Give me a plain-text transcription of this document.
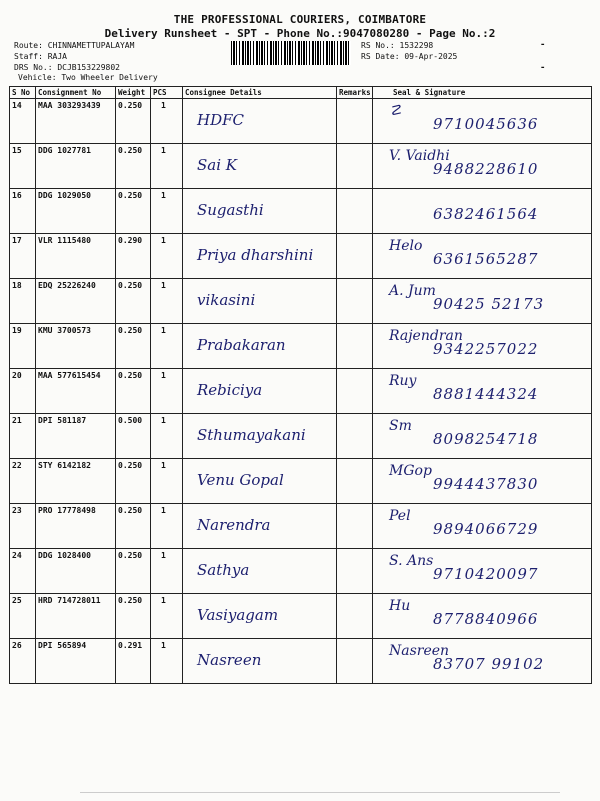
THE PROFESSIONAL COURIERS, COIMBATORE
Delivery Runsheet - SPT - Phone No.:9047080280 - Page No.:2
Route: CHINNAMETTUPALAYAM
Staff: RAJA
DRS No.: DCJB153229802
Vehicle: Two Wheeler Delivery
RS No.: 1532298
RS Date: 09-Apr-2025
-
-
S No	Consignment No	Weight	PCS	Consignee Details	Remarks	Seal & Signature
14	MAA 303293439	0.250	1	HDFC		☡
9710045636

15	DDG 1027781	0.250	1	Sai K		V. Vaidhi
9488228610

16	DDG 1029050	0.250	1	Sugasthi		6382461564

17	VLR 1115480	0.290	1	Priya dharshini		Helo
6361565287

18	EDQ 25226240	0.250	1	vikasini		A. Jum
90425 52173

19	KMU 3700573	0.250	1	Prabakaran		Rajendran
9342257022

20	MAA 577615454	0.250	1	Rebiciya		Ruy
8881444324

21	DPI 581187	0.500	1	Sthumayakani		Sm
8098254718

22	STY 6142182	0.250	1	Venu Gopal		MGop
9944437830

23	PRO 17778498	0.250	1	Narendra		Pel
9894066729

24	DDG 1028400	0.250	1	Sathya		S. Ans
9710420097

25	HRD 714728011	0.250	1	Vasiyagam		Hu
8778840966

26	DPI 565894	0.291	1	Nasreen		Nasreen
83707 99102
